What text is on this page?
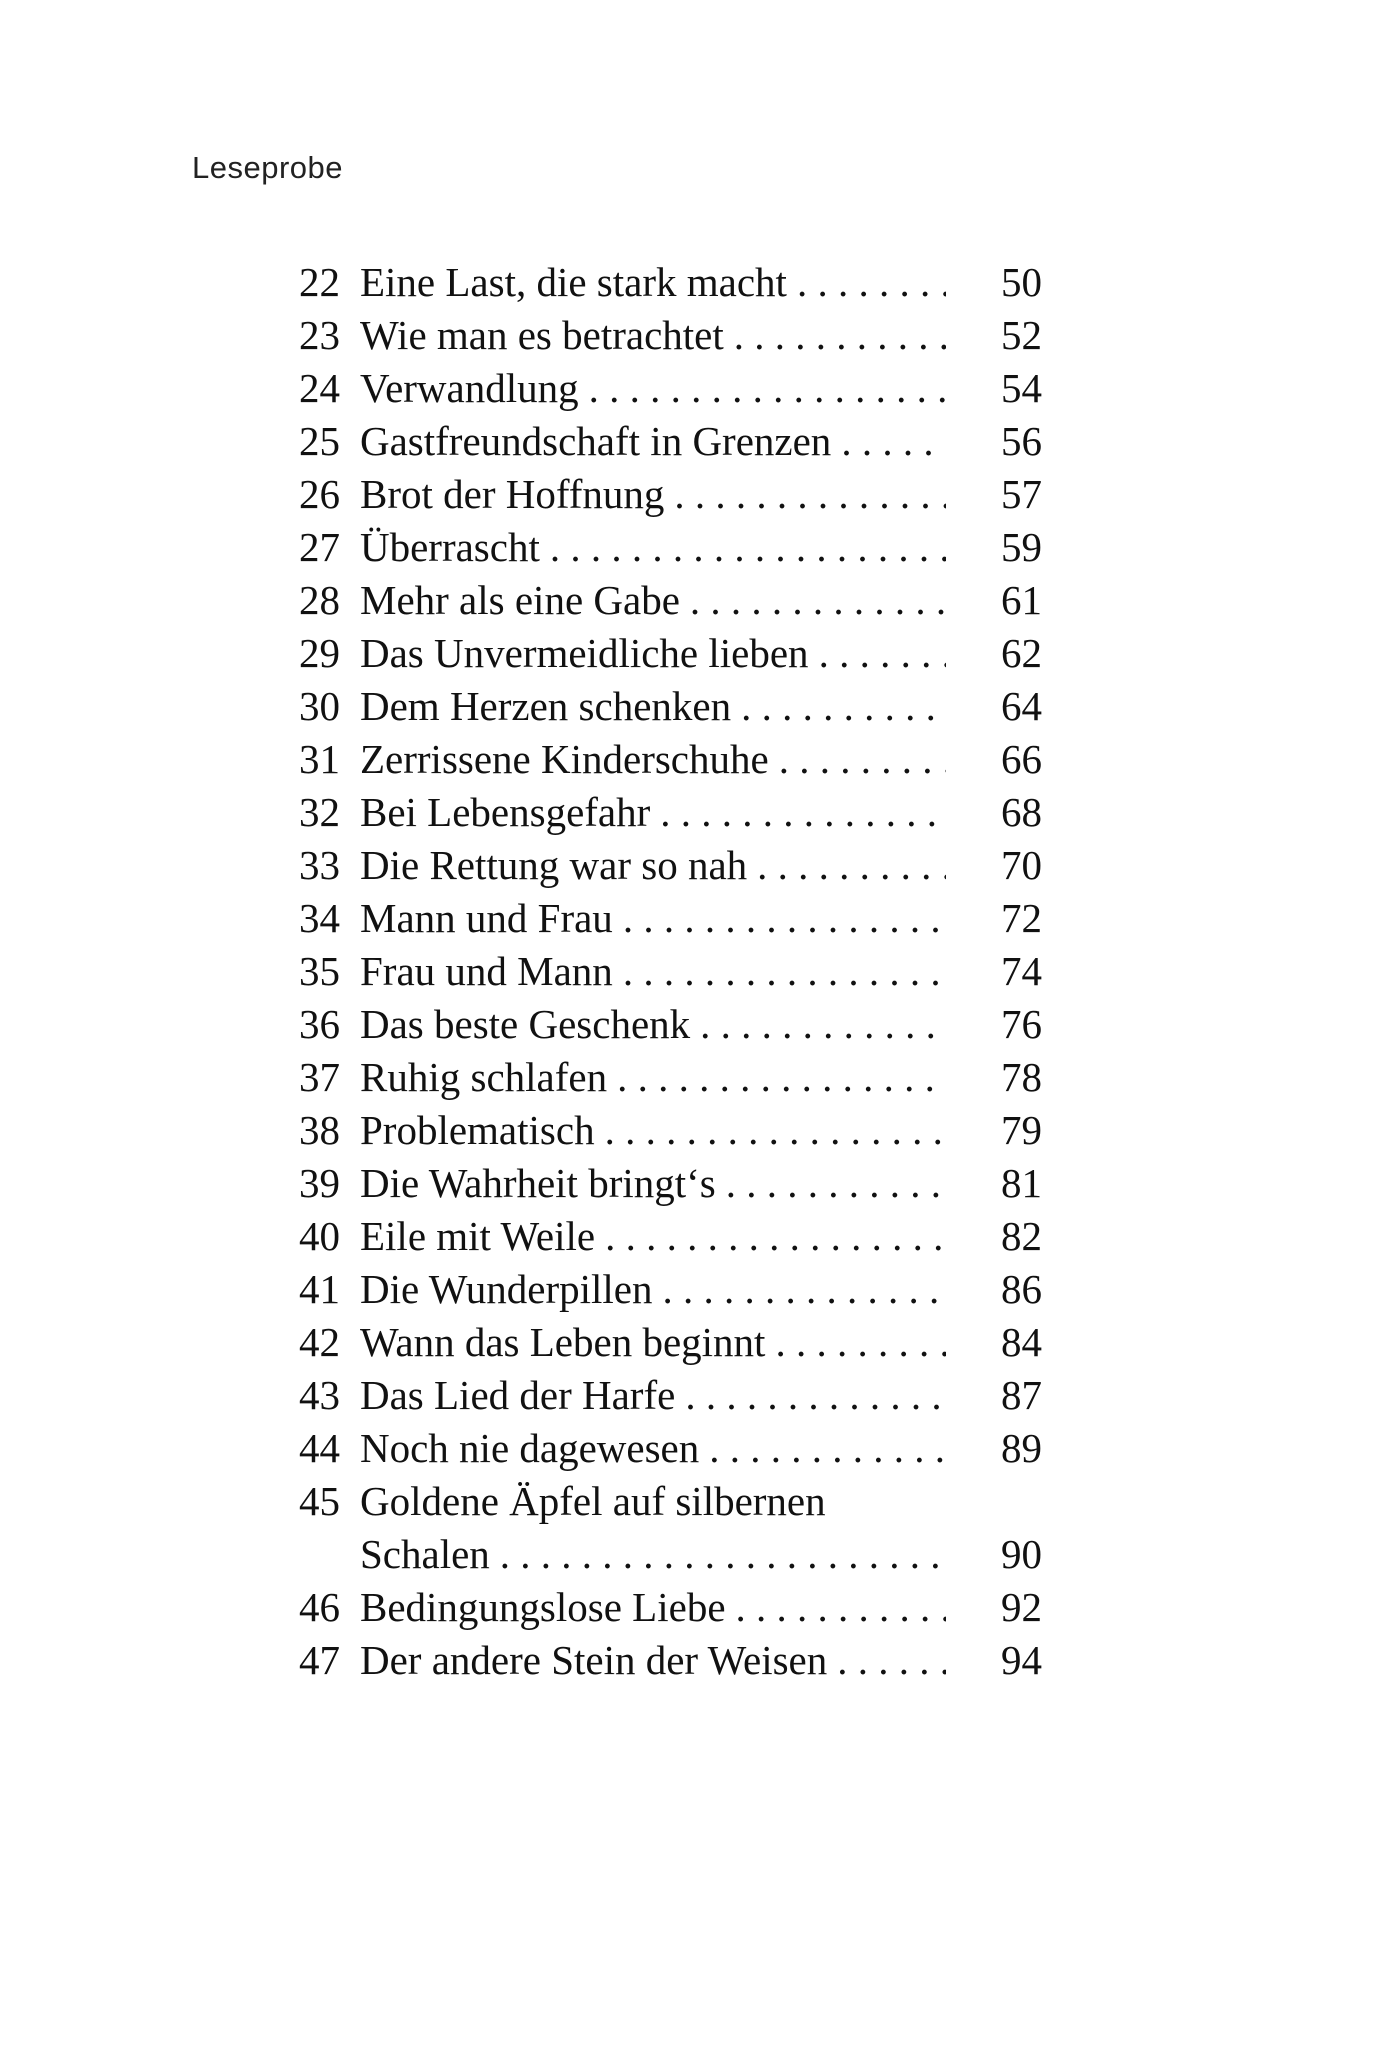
Leseprobe
22 Eine Last, die stark macht . . .	50
23 Wie man es betrachtet . . .	52
24 Verwandlung . . .	54
25 Gastfreundschaft in Grenzen . . .	56
26 Brot der Hoffnung . . .	57
27 Überrascht . . .	59
28 Mehr als eine Gabe . . .	61
29 Das Unvermeidliche lieben . . .	62
30 Dem Herzen schenken . . .	64
31 Zerrissene Kinderschuhe . . .	66
32 Bei Lebensgefahr . . .	68
33 Die Rettung war so nah . . .	70
34 Mann und Frau . . .	72
35 Frau und Mann . . .	74
36 Das beste Geschenk . . .	76
37 Ruhig schlafen . . .	78
38 Problematisch . . .	79
39 Die Wahrheit bringt‘s . . .	81
40 Eile mit Weile . . .	82
41 Die Wunderpillen . . .	86
42 Wann das Leben beginnt . . .	84
43 Das Lied der Harfe . . .	87
44 Noch nie dagewesen . . .	89
45 Goldene Äpfel auf silbernen
Schalen . . .	90
46 Bedingungslose Liebe . . .	92
47 Der andere Stein der Weisen . . .	94
